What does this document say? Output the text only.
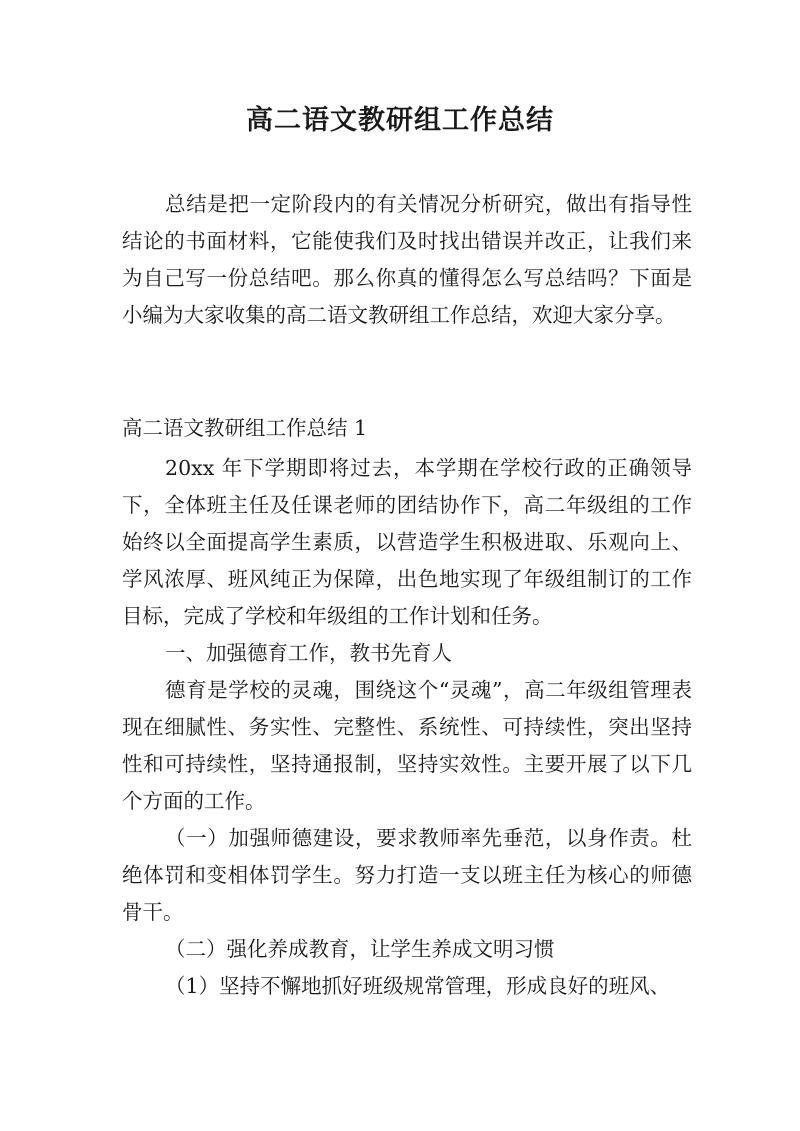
高二语文教研组工作总结

总结是把一定阶段内的有关情况分析研究，做出有指导性结论的书面材料，它能使我们及时找出错误并改正，让我们来为自己写一份总结吧。那么你真的懂得怎么写总结吗？下面是小编为大家收集的高二语文教研组工作总结，欢迎大家分享。

高二语文教研组工作总结 1

20xx 年下学期即将过去，本学期在学校行政的正确领导下，全体班主任及任课老师的团结协作下，高二年级组的工作始终以全面提高学生素质，以营造学生积极进取、乐观向上、学风浓厚、班风纯正为保障，出色地实现了年级组制订的工作目标，完成了学校和年级组的工作计划和任务。

一、加强德育工作，教书先育人

德育是学校的灵魂，围绕这个“灵魂”，高二年级组管理表现在细腻性、务实性、完整性、系统性、可持续性，突出坚持性和可持续性，坚持通报制，坚持实效性。主要开展了以下几个方面的工作。

（一）加强师德建设，要求教师率先垂范，以身作责。杜绝体罚和变相体罚学生。努力打造一支以班主任为核心的师德骨干。

（二）强化养成教育，让学生养成文明习惯

（1）坚持不懈地抓好班级规常管理，形成良好的班风、
